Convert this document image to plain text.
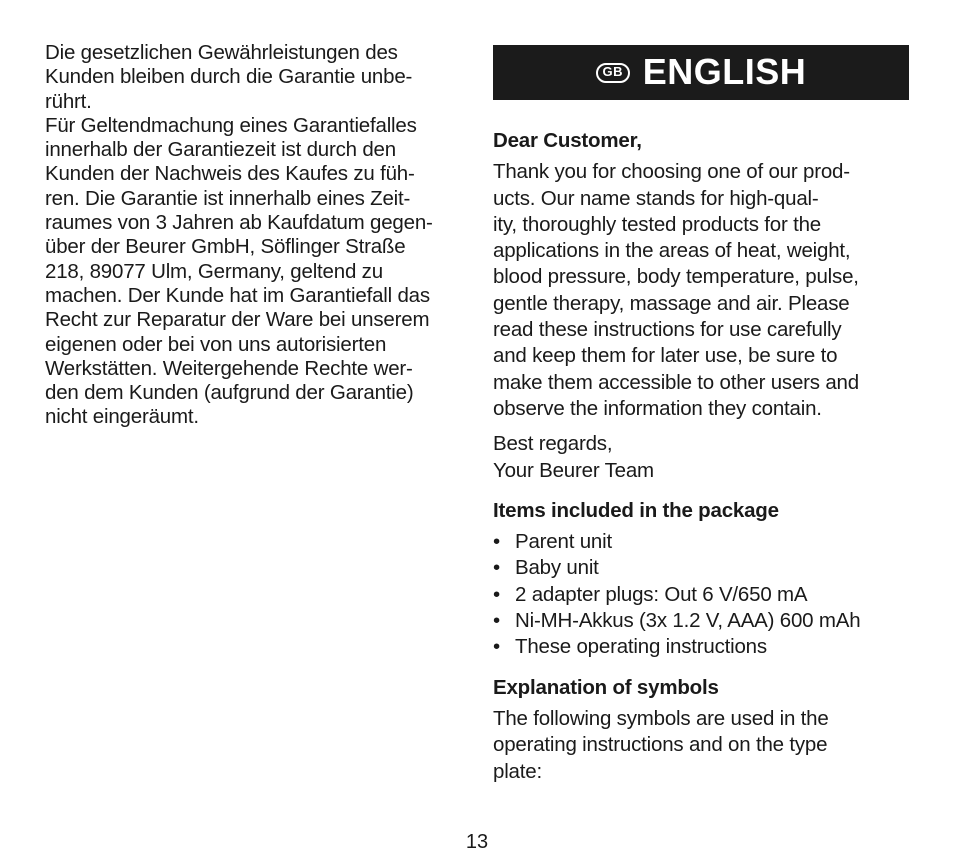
Die gesetzlichen Gewährleistungen des
Kunden bleiben durch die Garantie unbe-
rührt.
Für Geltendmachung eines Garantiefalles
innerhalb der Garantiezeit ist durch den
Kunden der Nachweis des Kaufes zu füh-
ren. Die Garantie ist innerhalb eines Zeit-
raumes von 3 Jahren ab Kaufdatum gegen-
über der Beurer GmbH, Söflinger Straße
218, 89077 Ulm, Germany, geltend zu
machen. Der Kunde hat im Garantiefall das
Recht zur Reparatur der Ware bei unserem
eigenen oder bei von uns autorisierten
Werkstätten. Weitergehende Rechte wer-
den dem Kunden (aufgrund der Garantie)
nicht eingeräumt.
GB ENGLISH
Dear Customer,
Thank you for choosing one of our prod-
ucts. Our name stands for high-qual-
ity, thoroughly tested products for the
applications in the areas of heat, weight,
blood pressure, body temperature, pulse,
gentle therapy, massage and air. Please
read these instructions for use carefully
and keep them for later use, be sure to
make them accessible to other users and
observe the information they contain.
Best regards,
Your Beurer Team
Items included in the package
• Parent unit
• Baby unit
• 2 adapter plugs: Out 6 V/650 mA
• Ni-MH-Akkus (3x 1.2 V, AAA) 600 mAh
• These operating instructions
Explanation of symbols
The following symbols are used in the
operating instructions and on the type
plate:
13
